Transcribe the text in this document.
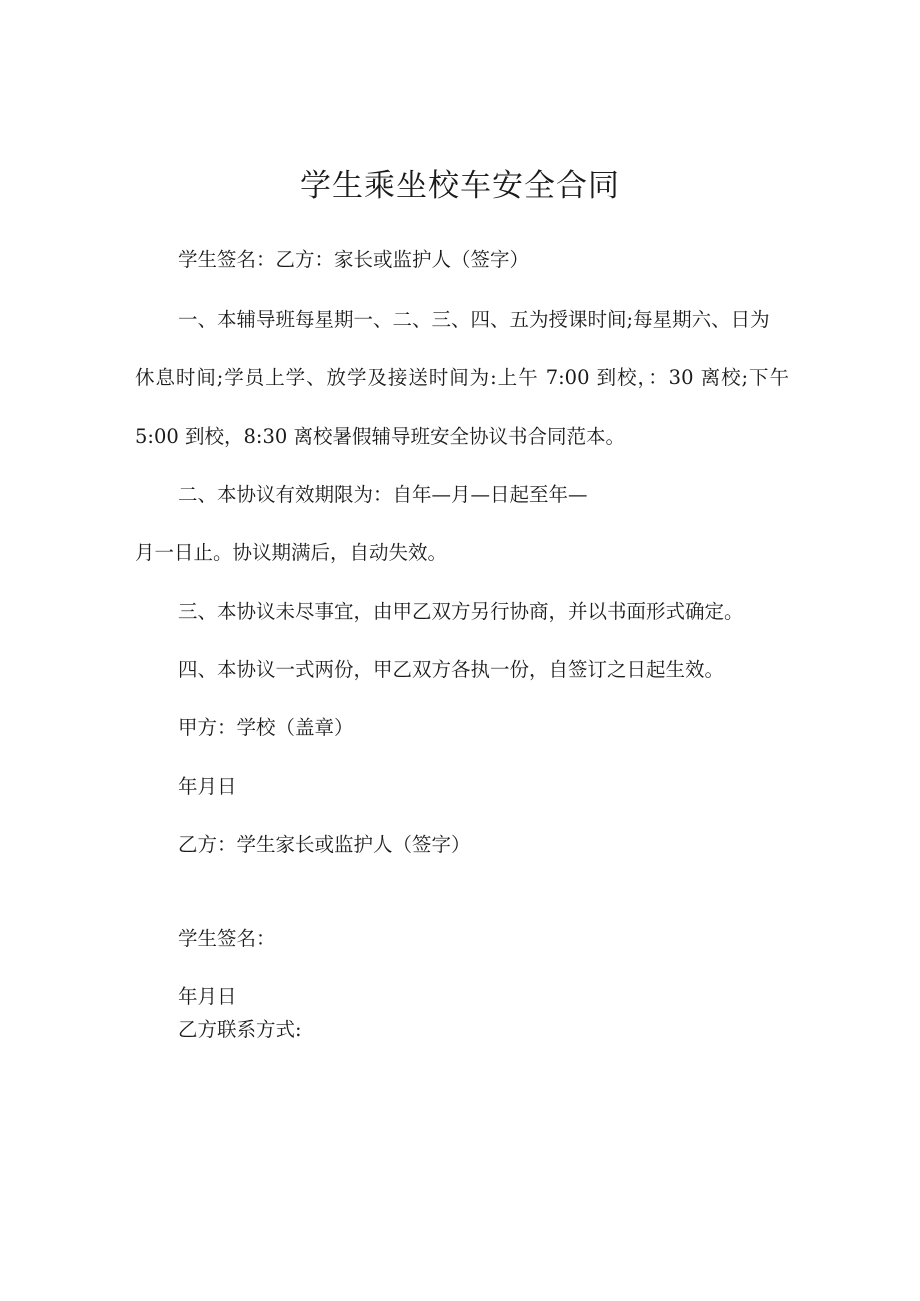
学生乘坐校车安全合同
学生签名：乙方：家长或监护人（签字）
一、本辅导班每星期一、二、三、四、五为授课时间;每星期六、日为
休息时间;学员上学、放学及接送时间为:上午 7:00 到校，：30 离校;下午
5:00 到校，8:30 离校暑假辅导班安全协议书合同范本。
二、本协议有效期限为：自年—月—日起至年—
月一日止。协议期满后，自动失效。
三、本协议未尽事宜，由甲乙双方另行协商，并以书面形式确定。
四、本协议一式两份，甲乙双方各执一份，自签订之日起生效。
甲方：学校（盖章）
年月日
乙方：学生家长或监护人（签字）
学生签名：
年月日
乙方联系方式:
